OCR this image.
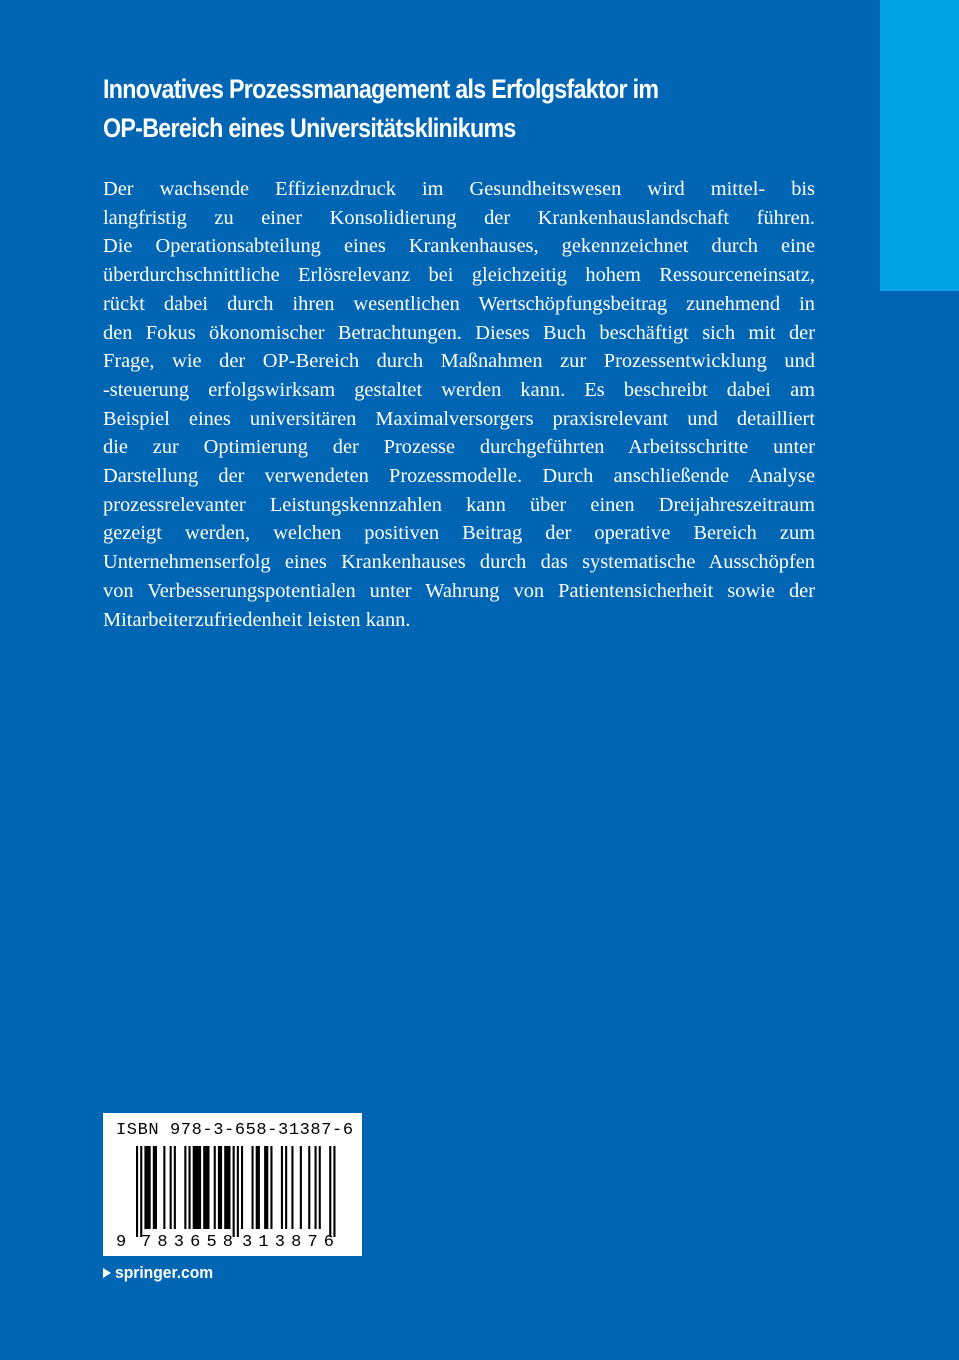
Innovatives Prozessmanagement als Erfolgsfaktor im
OP-Bereich eines Universitätsklinikums
Der wachsende Effizienzdruck im Gesundheitswesen wird mittel- bis
langfristig zu einer Konsolidierung der Krankenhauslandschaft führen.
Die Operationsabteilung eines Krankenhauses, gekennzeichnet durch eine
überdurchschnittliche Erlösrelevanz bei gleichzeitig hohem Ressourceneinsatz,
rückt dabei durch ihren wesentlichen Wertschöpfungsbeitrag zunehmend in
den Fokus ökonomischer Betrachtungen. Dieses Buch beschäftigt sich mit der
Frage, wie der OP-Bereich durch Maßnahmen zur Prozessentwicklung und
-steuerung erfolgswirksam gestaltet werden kann. Es beschreibt dabei am
Beispiel eines universitären Maximalversorgers praxisrelevant und detailliert
die zur Optimierung der Prozesse durchgeführten Arbeitsschritte unter
Darstellung der verwendeten Prozessmodelle. Durch anschließende Analyse
prozessrelevanter Leistungskennzahlen kann über einen Dreijahreszeitraum
gezeigt werden, welchen positiven Beitrag der operative Bereich zum
Unternehmenserfolg eines Krankenhauses durch das systematische Ausschöpfen
von Verbesserungspotentialen unter Wahrung von Patientensicherheit sowie der
Mitarbeiterzufriedenheit leisten kann.
ISBN 978-3-658-31387-6
9 783658 313876
springer.com
